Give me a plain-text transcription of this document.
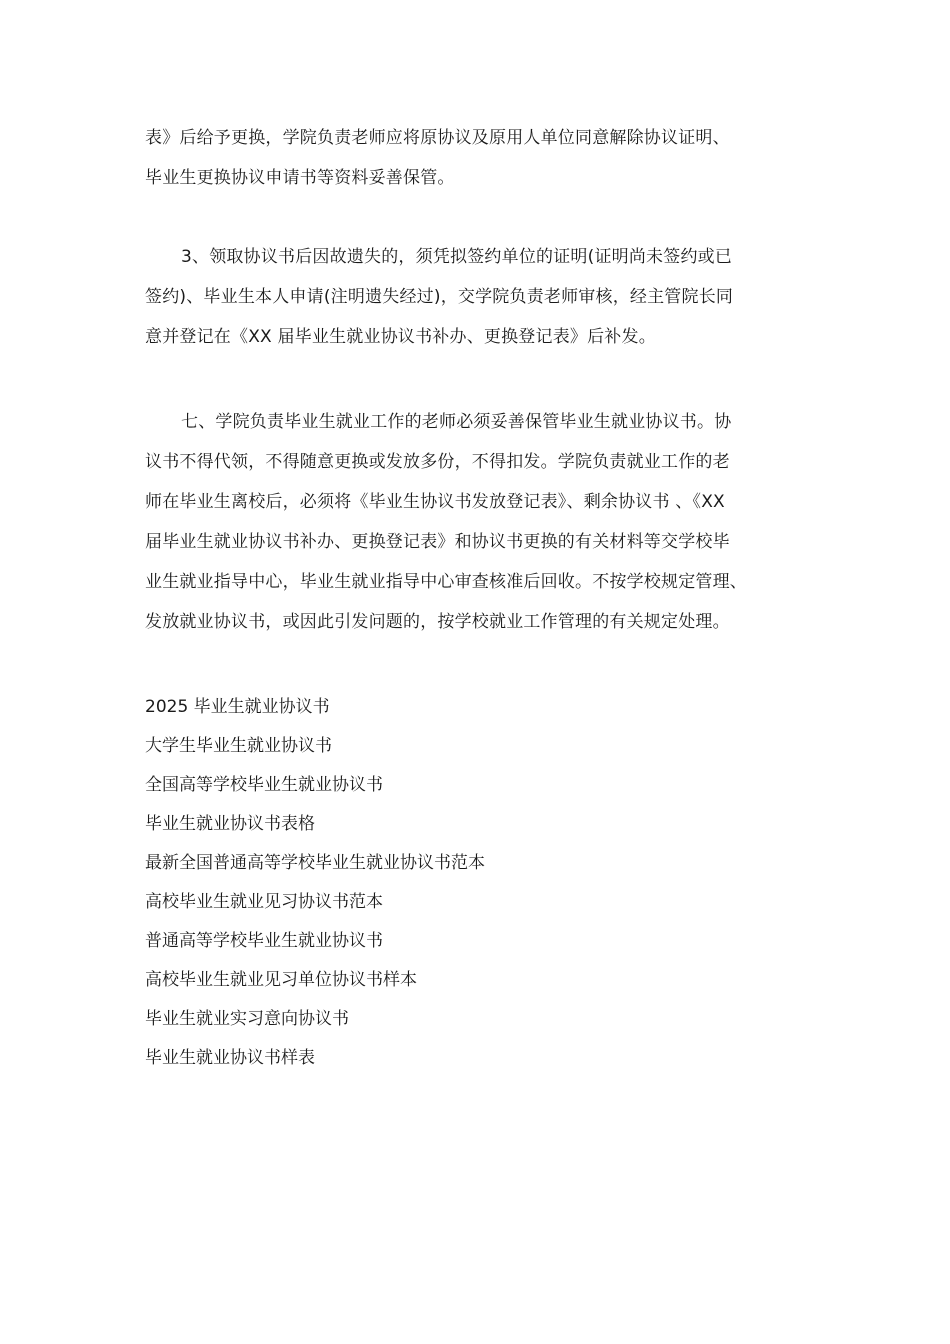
表》后给予更换，学院负责老师应将原协议及原用人单位同意解除协议证明、
毕业生更换协议申请书等资料妥善保管。
3、领取协议书后因故遗失的，须凭拟签约单位的证明(证明尚未签约或已
签约)、毕业生本人申请(注明遗失经过)，交学院负责老师审核，经主管院长同
意并登记在《XX 届毕业生就业协议书补办、更换登记表》后补发。
七、学院负责毕业生就业工作的老师必须妥善保管毕业生就业协议书。协
议书不得代领，不得随意更换或发放多份，不得扣发。学院负责就业工作的老
师在毕业生离校后，必须将《毕业生协议书发放登记表》、剩余协议书 、《XX
届毕业生就业协议书补办、更换登记表》和协议书更换的有关材料等交学校毕
业生就业指导中心，毕业生就业指导中心审查核准后回收。不按学校规定管理、
发放就业协议书，或因此引发问题的，按学校就业工作管理的有关规定处理。
2025 毕业生就业协议书
大学生毕业生就业协议书
全国高等学校毕业生就业协议书
毕业生就业协议书表格
最新全国普通高等学校毕业生就业协议书范本
高校毕业生就业见习协议书范本
普通高等学校毕业生就业协议书
高校毕业生就业见习单位协议书样本
毕业生就业实习意向协议书
毕业生就业协议书样表
